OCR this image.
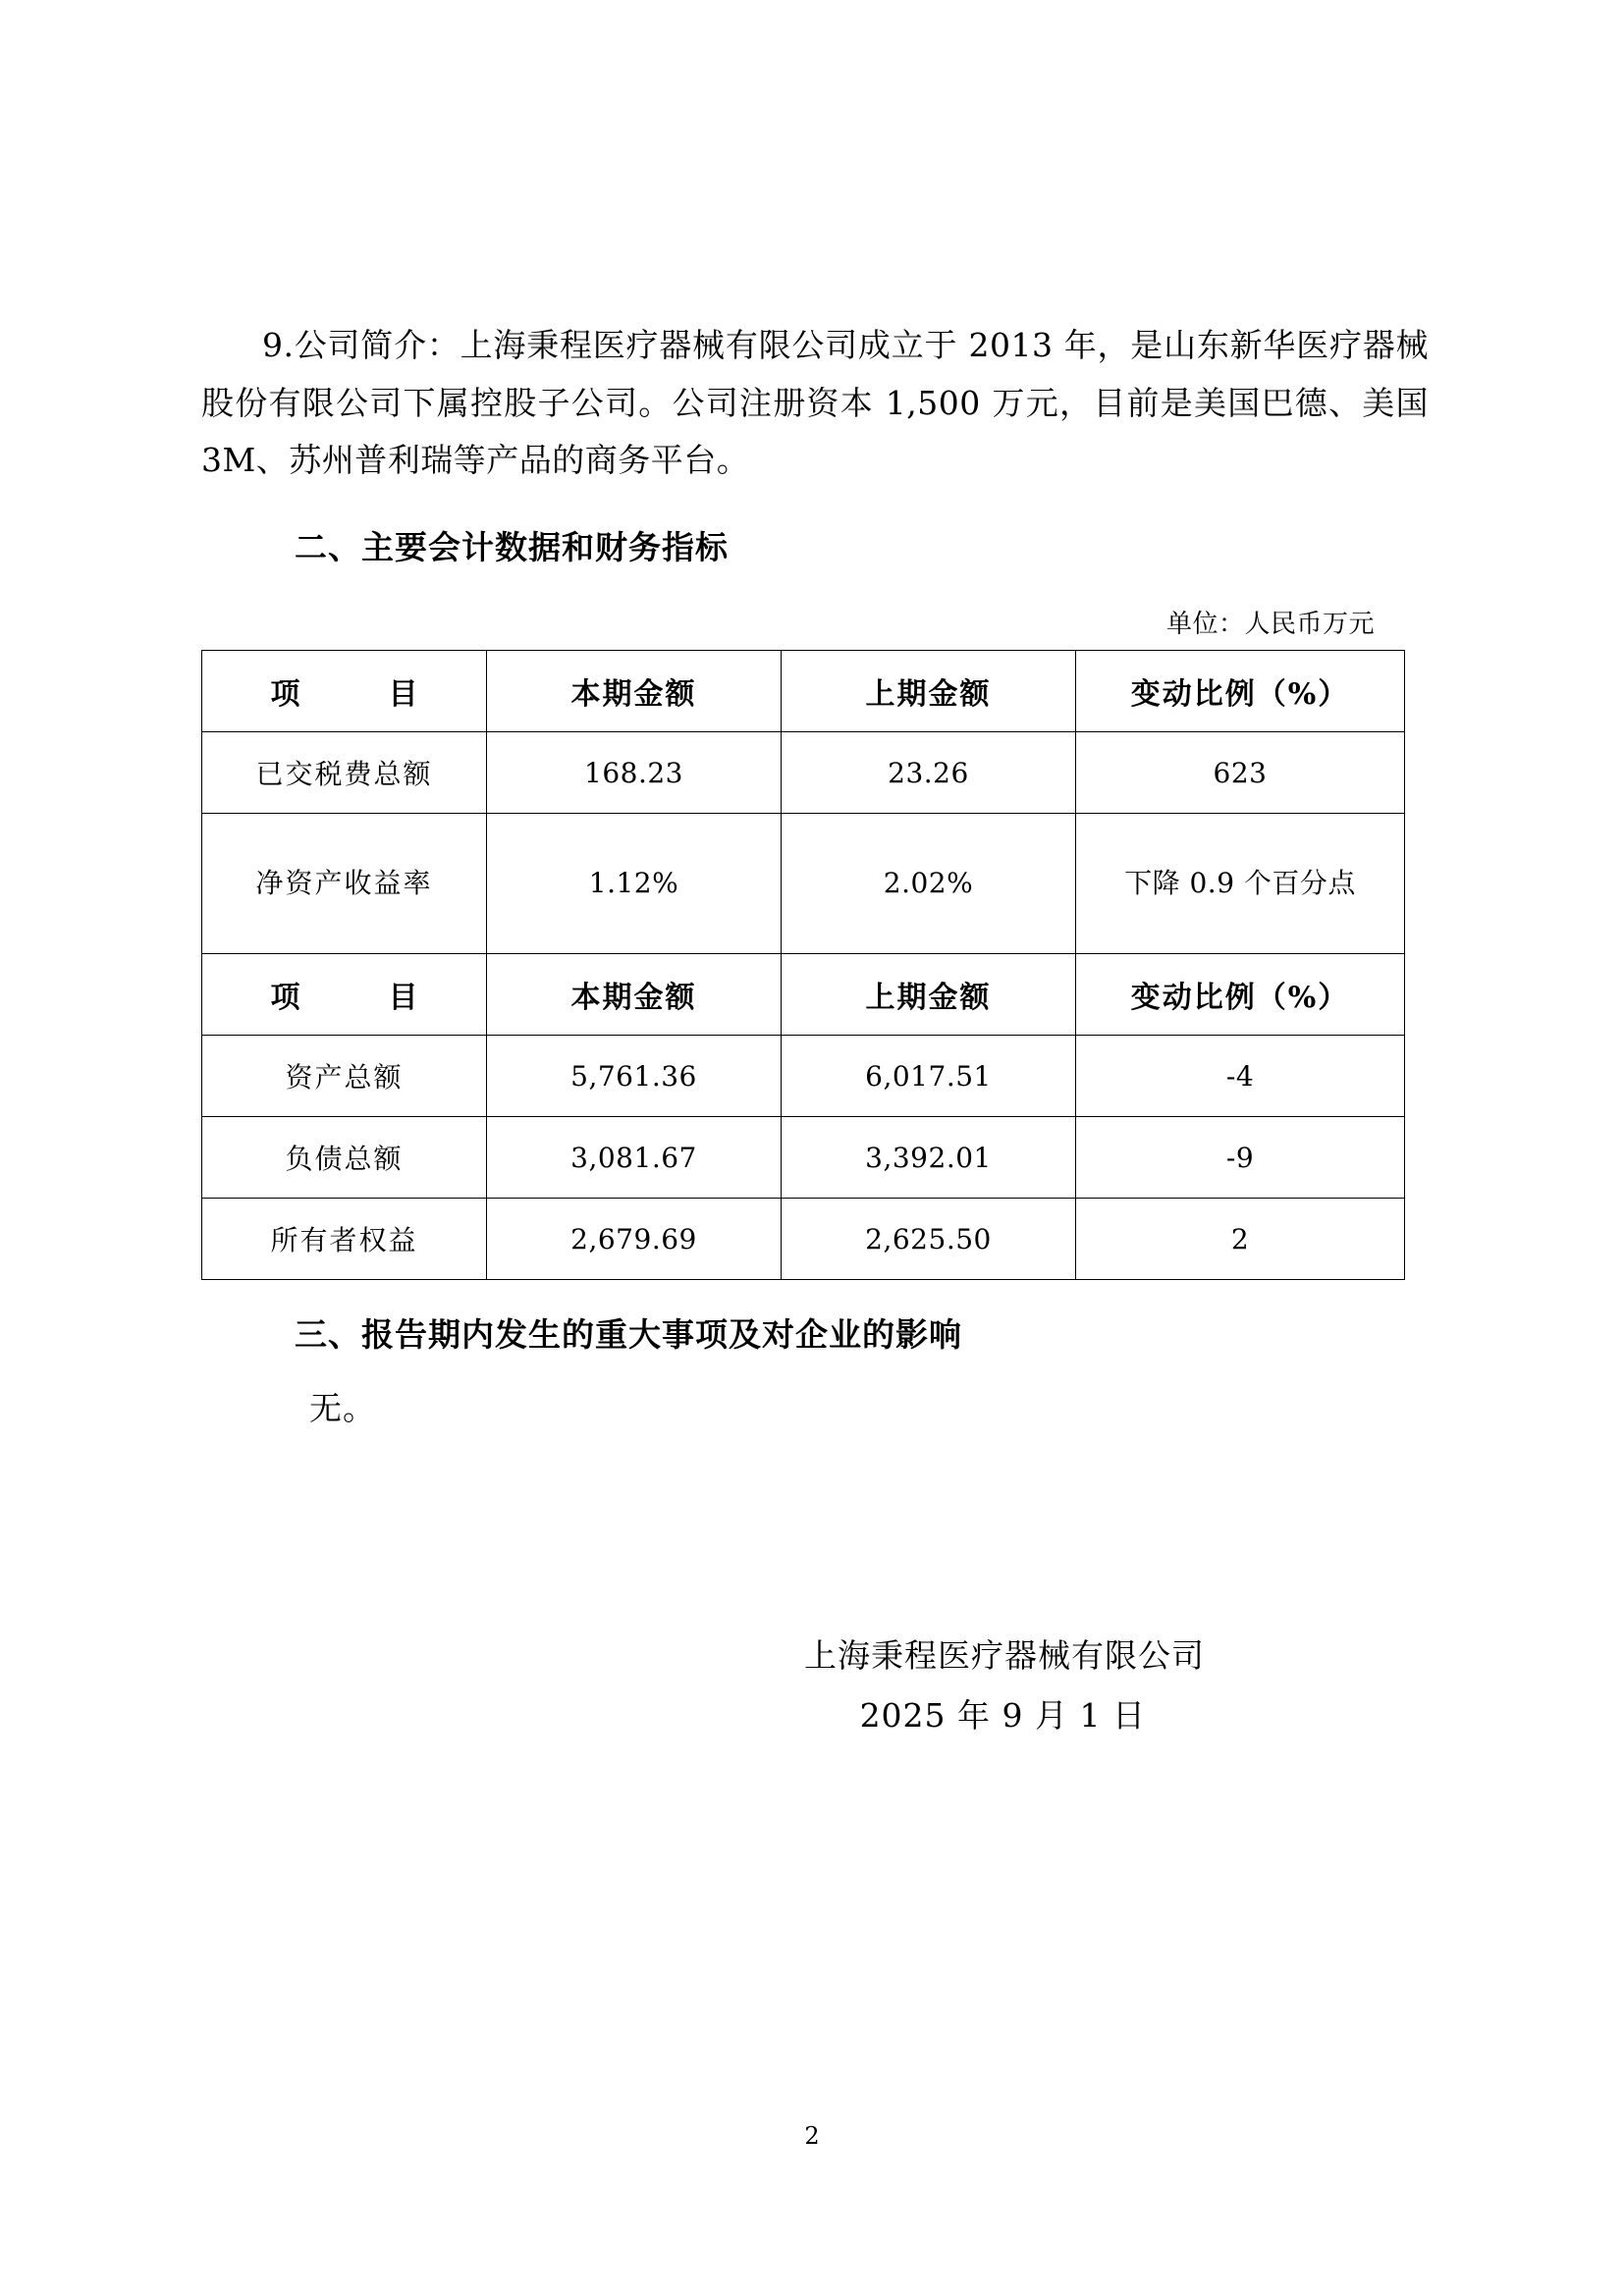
9.公司简介：上海秉程医疗器械有限公司成立于 2013 年，是山东新华医疗器械股份有限公司下属控股子公司。公司注册资本 1,500 万元，目前是美国巴德、美国 3M、苏州普利瑞等产品的商务平台。

二、主要会计数据和财务指标
单位：人民币万元
项　　目	本期金额	上期金额	变动比例（%）
已交税费总额	168.23	23.26	623
净资产收益率	1.12%	2.02%	下降 0.9 个百分点
项　　目	本期金额	上期金额	变动比例（%）
资产总额	5,761.36	6,017.51	-4
负债总额	3,081.67	3,392.01	-9
所有者权益	2,679.69	2,625.50	2
三、报告期内发生的重大事项及对企业的影响
无。
上海秉程医疗器械有限公司
2025 年 9 月 1 日
2
